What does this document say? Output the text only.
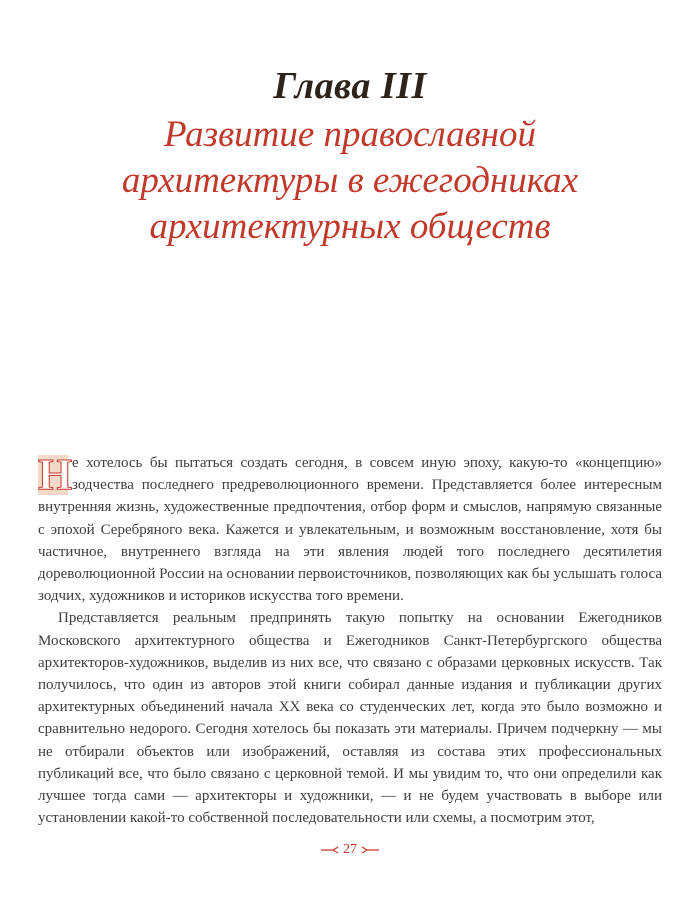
Глава III
Развитие православной
архитектуры в ежегодниках
архитектурных обществ

Н е хотелось бы пытаться создать сегодня, в совсем иную эпоху, какую-то «концепцию» зодчества последнего предреволюционного времени. Представляется более интересным внутренняя жизнь, художественные предпочтения, отбор форм и смыслов, напрямую связанные с эпохой Серебряного века. Кажется и увлекательным, и возможным восстановление, хотя бы частичное, внутреннего взгляда на эти явления людей того последнего десятилетия дореволюционной России на основании первоисточников, позволяющих как бы услышать голоса зодчих, художников и историков искусства того времени.

Представляется реальным предпринять такую попытку на основании Ежегодников Московского архитектурного общества и Ежегодников Санкт-Петербургского общества архитекторов-художников, выделив из них все, что связано с образами церковных искусств. Так получилось, что один из авторов этой книги собирал данные издания и публикации других архитектурных объединений начала XX века со студенческих лет, когда это было возможно и сравнительно недорого. Сегодня хотелось бы показать эти материалы. Причем подчеркну — мы не отбирали объектов или изображений, оставляя из состава этих профессиональных публикаций все, что было связано с церковной темой. И мы увидим то, что они определили как лучшее тогда сами — архитекторы и художники, — и не будем участвовать в выборе или установлении какой-то собственной последовательности или схемы, а посмотрим этот,

27
